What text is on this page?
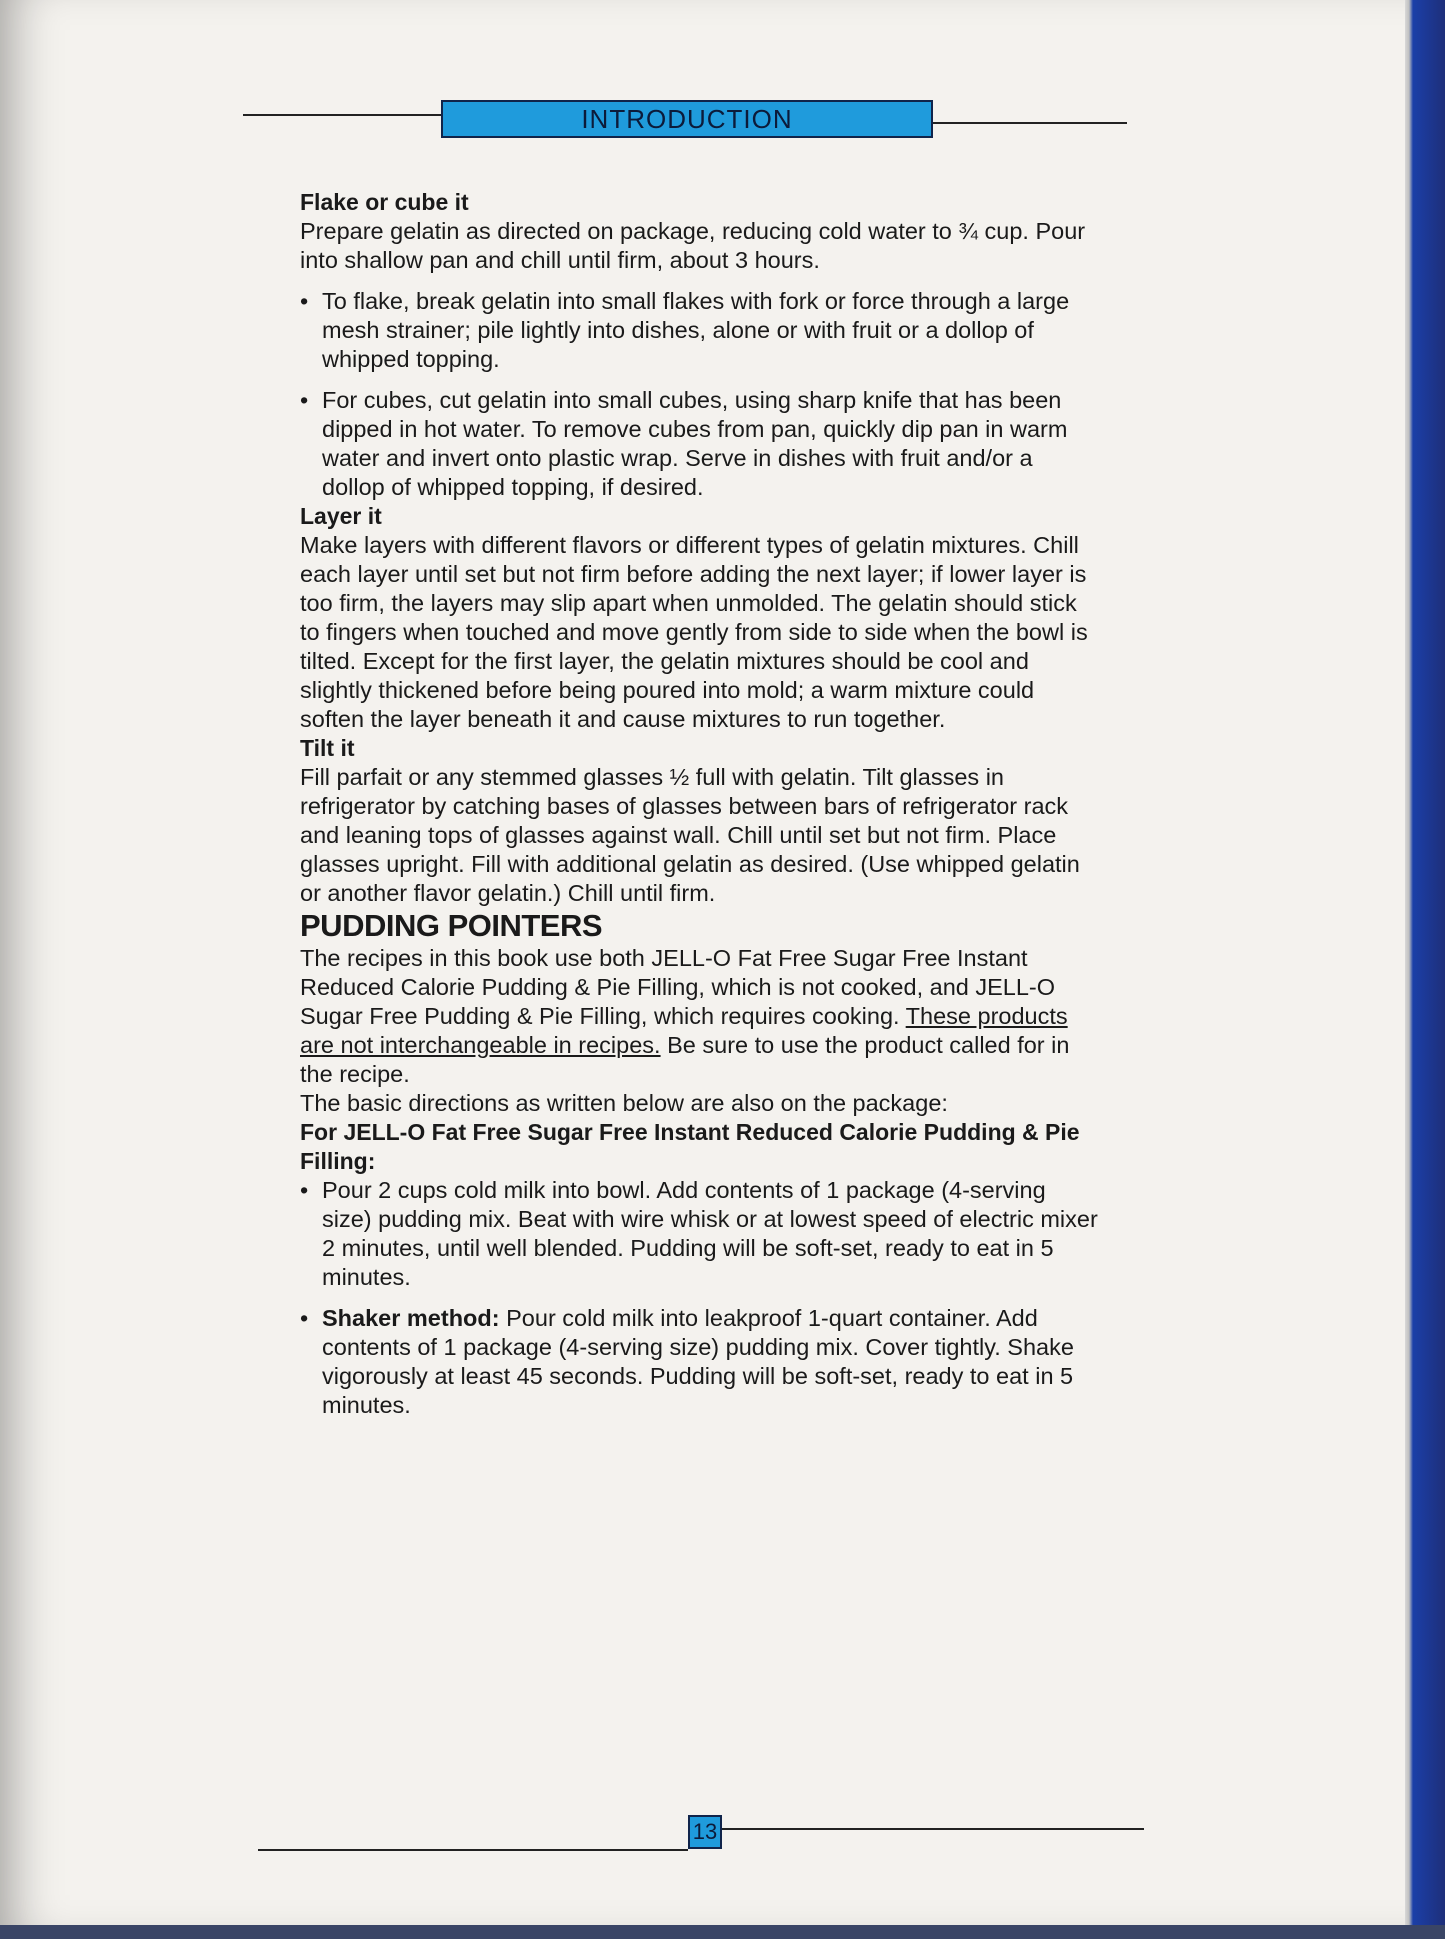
INTRODUCTION

Flake or cube it

Prepare gelatin as directed on package, reducing cold water to ¾ cup. Pour into shallow pan and chill until firm, about 3 hours.

• To flake, break gelatin into small flakes with fork or force through a large mesh strainer; pile lightly into dishes, alone or with fruit or a dollop of whipped topping.
• For cubes, cut gelatin into small cubes, using sharp knife that has been dipped in hot water. To remove cubes from pan, quickly dip pan in warm water and invert onto plastic wrap. Serve in dishes with fruit and/or a dollop of whipped topping, if desired.

Layer it

Make layers with different flavors or different types of gelatin mixtures. Chill each layer until set but not firm before adding the next layer; if lower layer is too firm, the layers may slip apart when unmolded. The gelatin should stick to fingers when touched and move gently from side to side when the bowl is tilted. Except for the first layer, the gelatin mixtures should be cool and slightly thickened before being poured into mold; a warm mixture could soften the layer beneath it and cause mixtures to run together.

Tilt it

Fill parfait or any stemmed glasses ½ full with gelatin. Tilt glasses in refrigerator by catching bases of glasses between bars of refrigerator rack and leaning tops of glasses against wall. Chill until set but not firm. Place glasses upright. Fill with additional gelatin as desired. (Use whipped gelatin or another flavor gelatin.) Chill until firm.

PUDDING POINTERS

The recipes in this book use both JELL-O Fat Free Sugar Free Instant Reduced Calorie Pudding & Pie Filling, which is not cooked, and JELL-O Sugar Free Pudding & Pie Filling, which requires cooking. These products are not interchangeable in recipes. Be sure to use the product called for in the recipe.

The basic directions as written below are also on the package:

For JELL-O Fat Free Sugar Free Instant Reduced Calorie Pudding & Pie Filling:

• Pour 2 cups cold milk into bowl. Add contents of 1 package (4-serving size) pudding mix. Beat with wire whisk or at lowest speed of electric mixer 2 minutes, until well blended. Pudding will be soft-set, ready to eat in 5 minutes.
• Shaker method: Pour cold milk into leakproof 1-quart container. Add contents of 1 package (4-serving size) pudding mix. Cover tightly. Shake vigorously at least 45 seconds. Pudding will be soft-set, ready to eat in 5 minutes.
13
